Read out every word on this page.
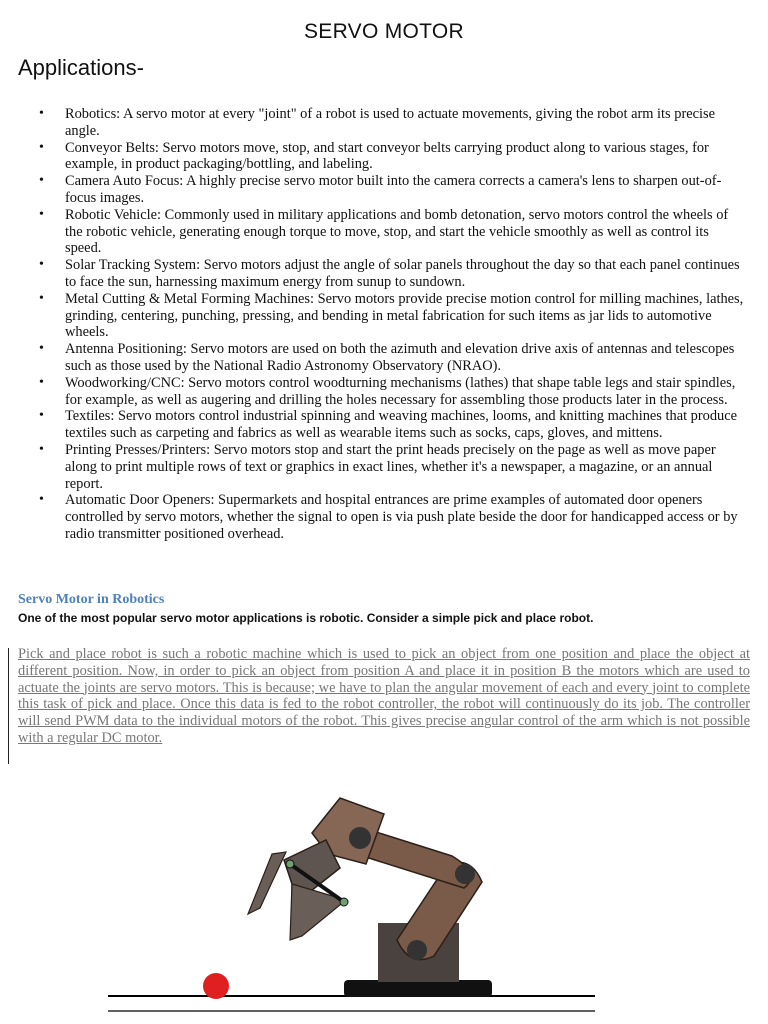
SERVO MOTOR
Applications-
• Robotics: A servo motor at every "joint" of a robot is used to actuate movements, giving the robot arm its precise angle.
• Conveyor Belts: Servo motors move, stop, and start conveyor belts carrying product along to various stages, for example, in product packaging/bottling, and labeling.
• Camera Auto Focus: A highly precise servo motor built into the camera corrects a camera's lens to sharpen out-of-focus images.
• Robotic Vehicle: Commonly used in military applications and bomb detonation, servo motors control the wheels of the robotic vehicle, generating enough torque to move, stop, and start the vehicle smoothly as well as control its speed.
• Solar Tracking System: Servo motors adjust the angle of solar panels throughout the day so that each panel continues to face the sun, harnessing maximum energy from sunup to sundown.
• Metal Cutting & Metal Forming Machines: Servo motors provide precise motion control for milling machines, lathes, grinding, centering, punching, pressing, and bending in metal fabrication for such items as jar lids to automotive wheels.
• Antenna Positioning: Servo motors are used on both the azimuth and elevation drive axis of antennas and telescopes such as those used by the National Radio Astronomy Observatory (NRAO).
• Woodworking/CNC: Servo motors control woodturning mechanisms (lathes) that shape table legs and stair spindles, for example, as well as augering and drilling the holes necessary for assembling those products later in the process.
• Textiles: Servo motors control industrial spinning and weaving machines, looms, and knitting machines that produce textiles such as carpeting and fabrics as well as wearable items such as socks, caps, gloves, and mittens.
• Printing Presses/Printers: Servo motors stop and start the print heads precisely on the page as well as move paper along to print multiple rows of text or graphics in exact lines, whether it's a newspaper, a magazine, or an annual report.
• Automatic Door Openers: Supermarkets and hospital entrances are prime examples of automated door openers controlled by servo motors, whether the signal to open is via push plate beside the door for handicapped access or by radio transmitter positioned overhead.
Servo Motor in Robotics
One of the most popular servo motor applications is robotic. Consider a simple pick and place robot.
Pick and place robot is such a robotic machine which is used to pick an object from one position and place the object at different position. Now, in order to pick an object from position A and place it in position B the motors which are used to actuate the joints are servo motors. This is because; we have to plan the angular movement of each and every joint to complete this task of pick and place. Once this data is fed to the robot controller, the robot will continuously do its job. The controller will send PWM data to the individual motors of the robot. This gives precise angular control of the arm which is not possible with a regular DC motor.
